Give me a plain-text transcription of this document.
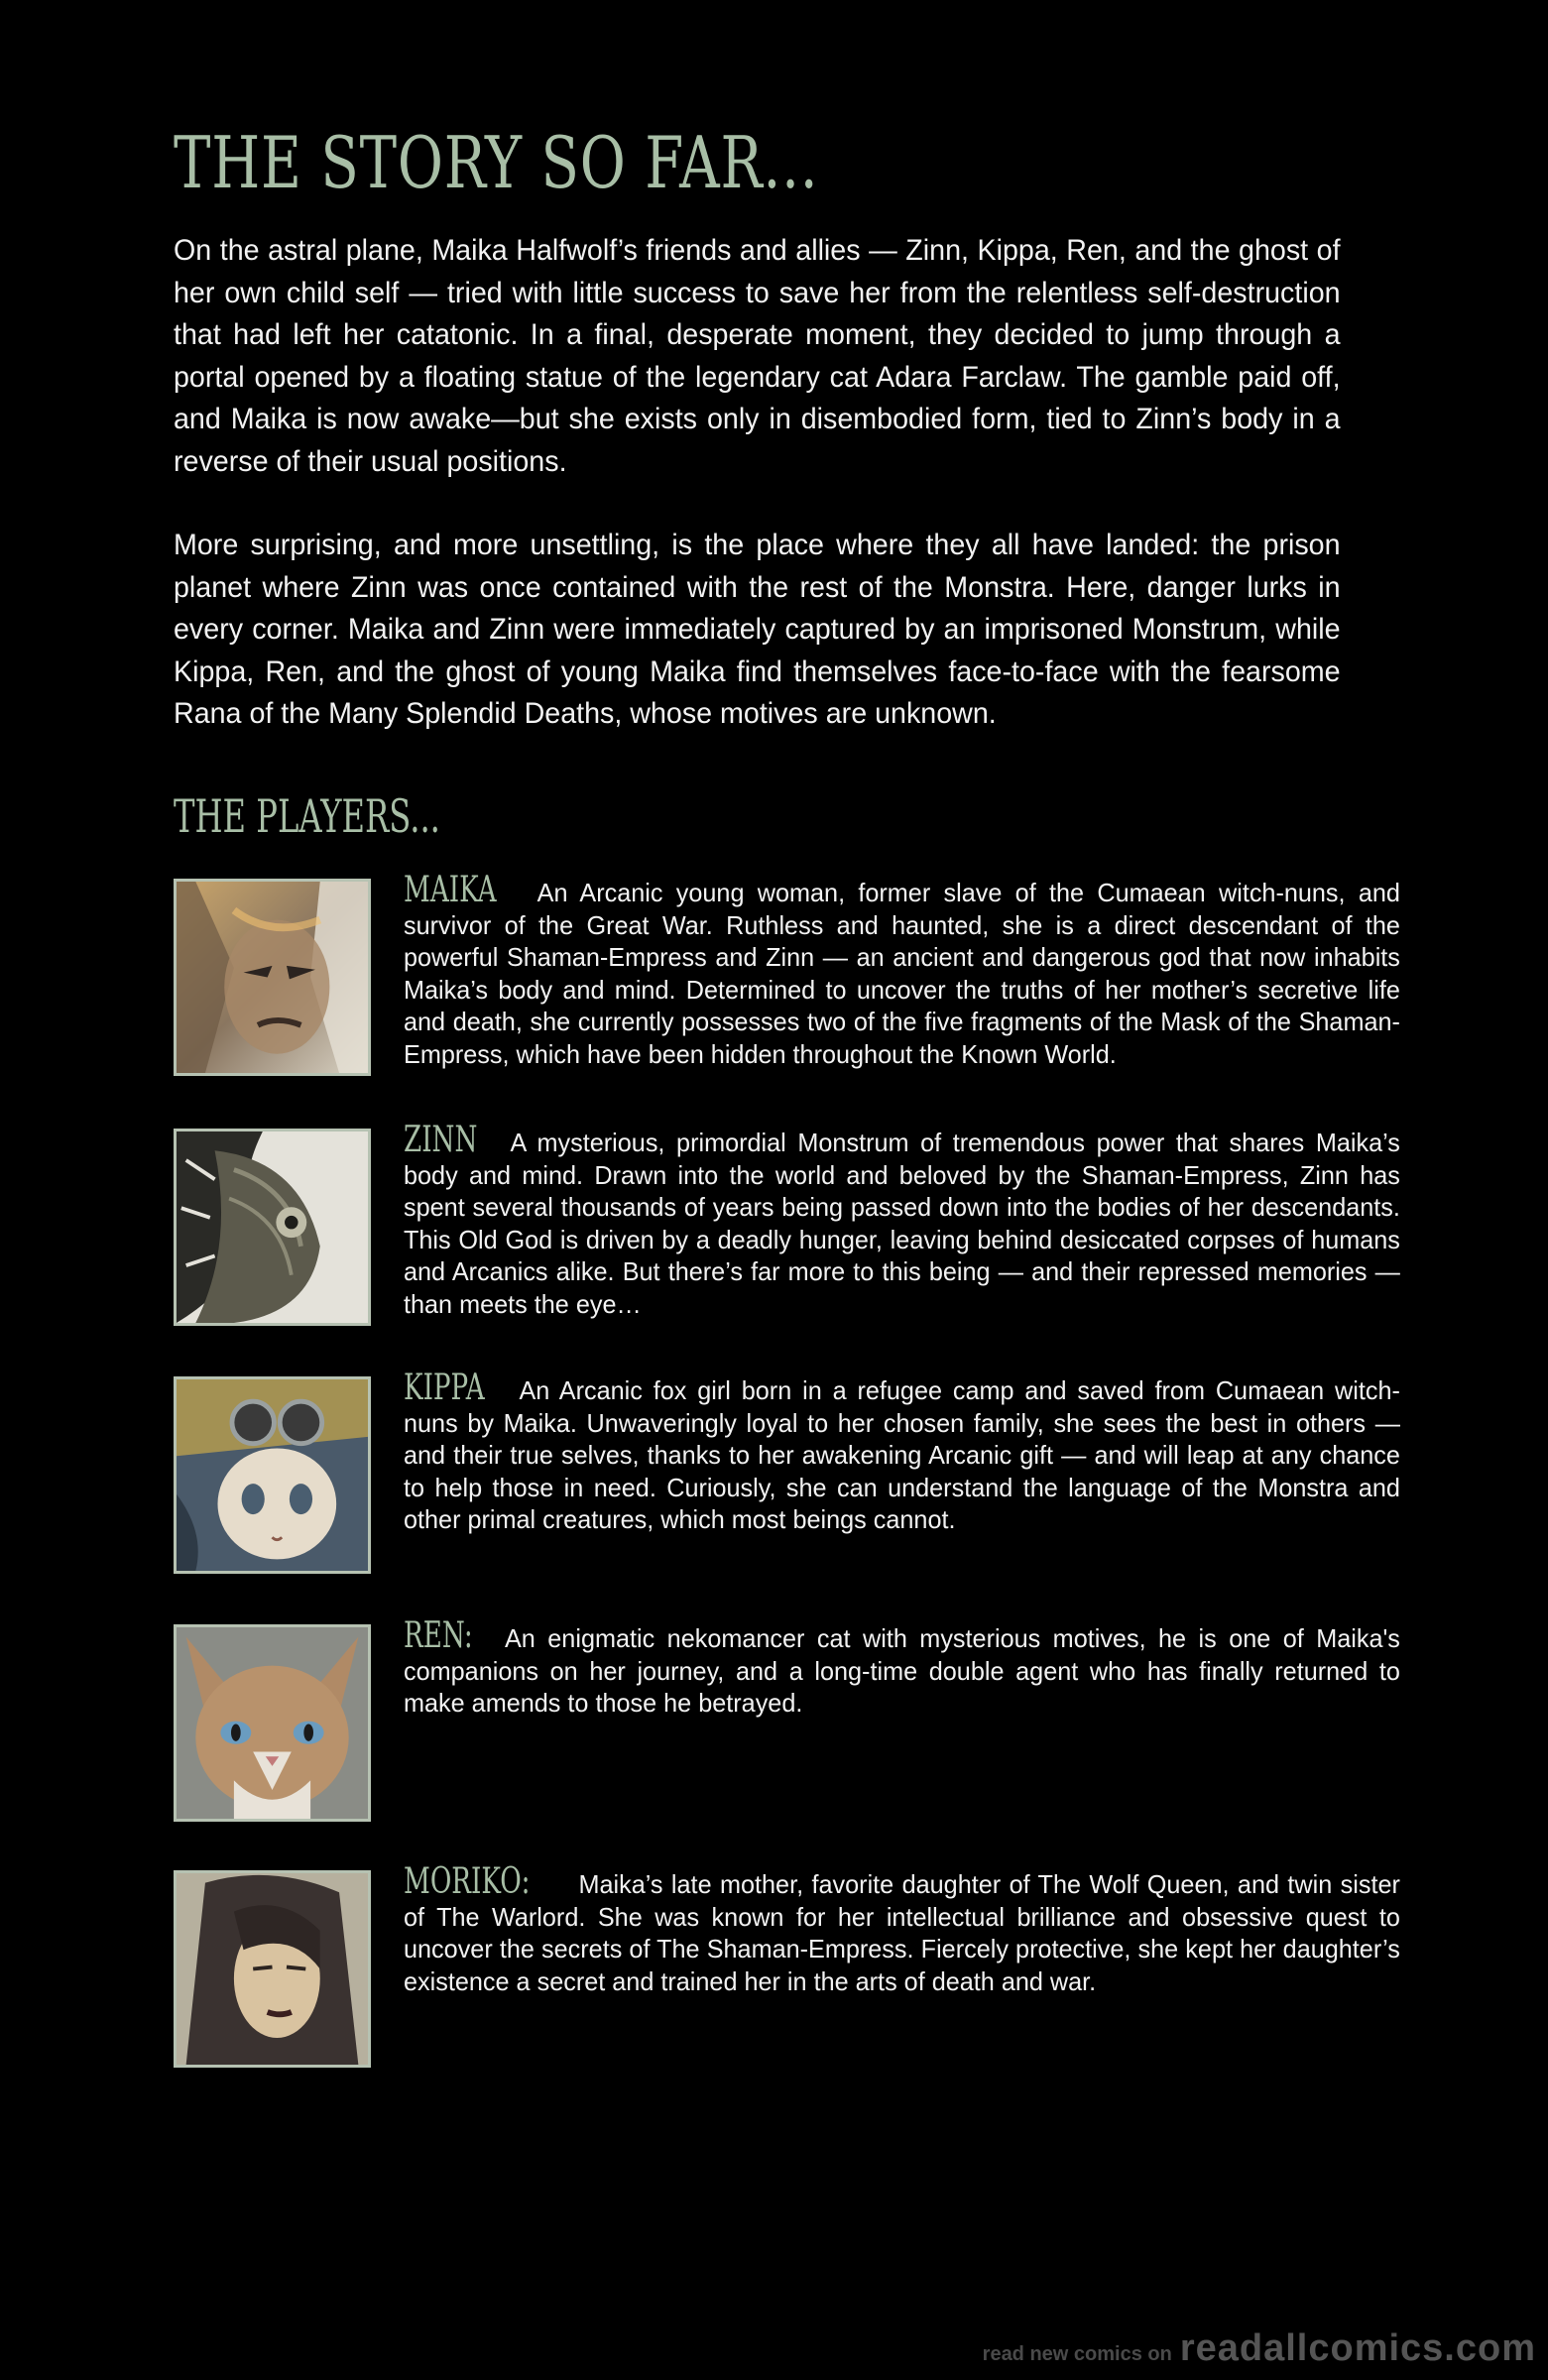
THE STORY SO FAR...

On the astral plane, Maika Halfwolf’s friends and allies — Zinn, Kippa, Ren, and the ghost of her own child self — tried with little success to save her from the relentless self-destruction that had left her catatonic. In a final, desperate moment, they decided to jump through a portal opened by a floating statue of the legendary cat Adara Farclaw. The gamble paid off, and Maika is now awake—but she exists only in disembodied form, tied to Zinn’s body in a reverse of their usual positions.

More surprising, and more unsettling, is the place where they all have landed: the prison planet where Zinn was once contained with the rest of the Monstra. Here, danger lurks in every corner. Maika and Zinn were immediately captured by an imprisoned Monstrum, while Kippa, Ren, and the ghost of young Maika find themselves face-to-face with the fearsome Rana of the Many Splendid Deaths, whose motives are unknown.

THE PLAYERS...
MAIKA An Arcanic young woman, former slave of the Cumaean witch-nuns, and survivor of the Great War. Ruthless and haunted, she is a direct descendant of the powerful Shaman-Empress and Zinn — an ancient and dangerous god that now inhabits Maika’s body and mind. Determined to uncover the truths of her mother’s secretive life and death, she currently possesses two of the five fragments of the Mask of the Shaman-Empress, which have been hidden throughout the Known World.
ZINN A mysterious, primordial Monstrum of tremendous power that shares Maika’s body and mind. Drawn into the world and beloved by the Shaman-Empress, Zinn has spent several thousands of years being passed down into the bodies of her descendants. This Old God is driven by a deadly hunger, leaving behind desiccated corpses of humans and Arcanics alike. But there’s far more to this being — and their repressed memories — than meets the eye…
KIPPA An Arcanic fox girl born in a refugee camp and saved from Cumaean witch-nuns by Maika. Unwaveringly loyal to her chosen family, she sees the best in others — and their true selves, thanks to her awakening Arcanic gift — and will leap at any chance to help those in need. Curiously, she can understand the language of the Monstra and other primal creatures, which most beings cannot.
REN: An enigmatic nekomancer cat with mysterious motives, he is one of Maika's companions on her journey, and a long-time double agent who has finally returned to make amends to those he betrayed.
MORIKO: Maika’s late mother, favorite daughter of The Wolf Queen, and twin sister of The Warlord. She was known for her intellectual brilliance and obsessive quest to uncover the secrets of The Shaman-Empress. Fiercely protective, she kept her daughter’s existence a secret and trained her in the arts of death and war.
read new comics on readallcomics.com
